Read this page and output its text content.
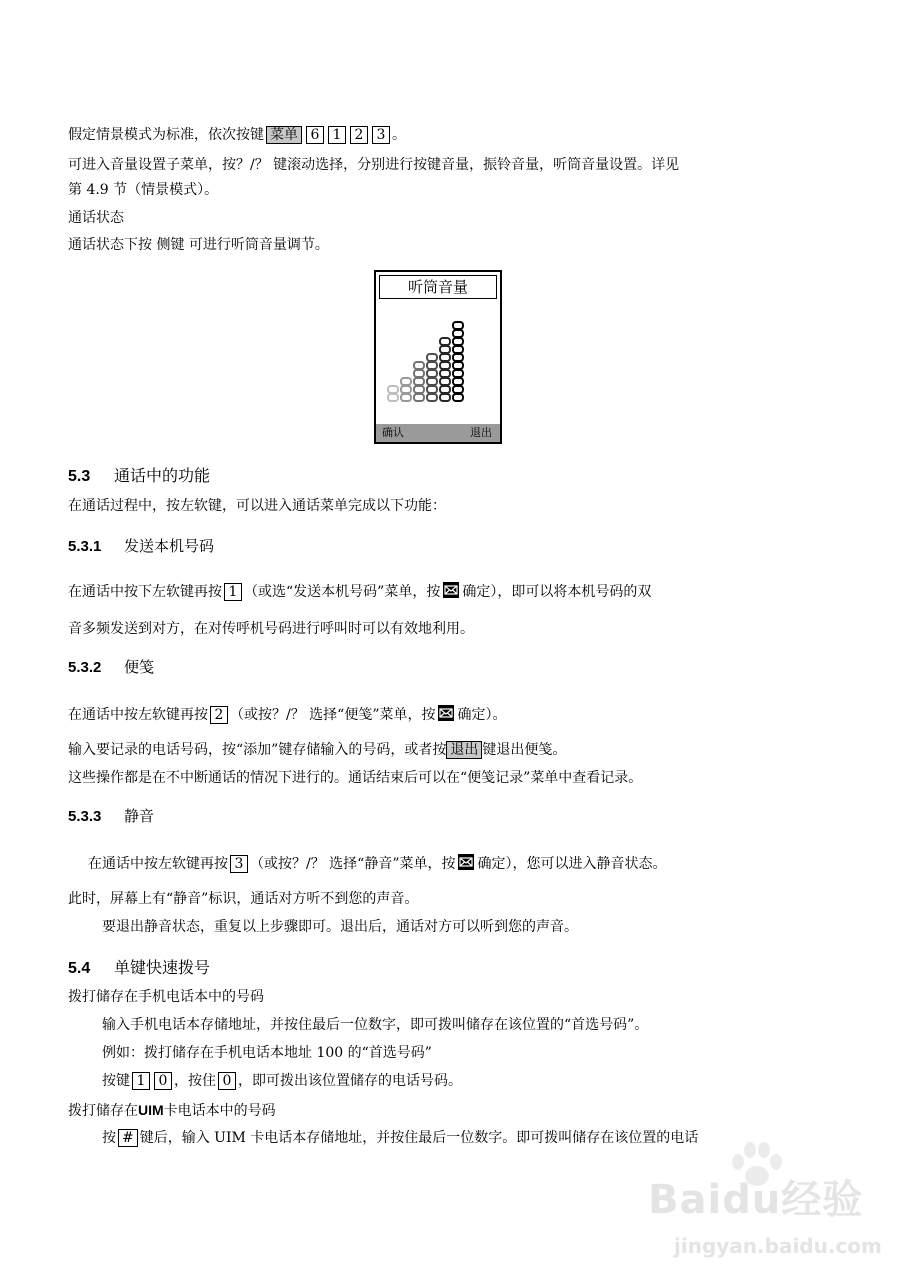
假定情景模式为标准，依次按键 菜单 6 1 2 3 。
可进入音量设置子菜单，按？/？ 键滚动选择，分别进行按键音量，振铃音量，听筒音量设置。详见
第 4.9 节（情景模式）。
通话状态
通话状态下按 侧键 可进行听筒音量调节。
听筒音量
确认	退出
5.3 通话中的功能
在通话过程中，按左软键，可以进入通话菜单完成以下功能：
5.3.1 发送本机号码
在通话中按下左软键再按 1 （或选“发送本机号码”菜单，按 确定），即可以将本机号码的双
音多频发送到对方，在对传呼机号码进行呼叫时可以有效地利用。
5.3.2 便笺
在通话中按左软键再按 2 （或按？/？ 选择“便笺”菜单，按 确定）。
输入要记录的电话号码，按“添加”键存储输入的号码，或者按 退出 键退出便笺。
这些操作都是在不中断通话的情况下进行的。通话结束后可以在“便笺记录”菜单中查看记录。
5.3.3 静音
在通话中按左软键再按 3 （或按？/？ 选择“静音”菜单，按 确定），您可以进入静音状态。
此时，屏幕上有“静音”标识，通话对方听不到您的声音。
要退出静音状态，重复以上步骤即可。退出后，通话对方可以听到您的声音。
5.4 单键快速拨号
拨打储存在手机电话本中的号码
输入手机电话本存储地址，并按住最后一位数字，即可拨叫储存在该位置的“首选号码”。
例如：拨打储存在手机电话本地址 100 的“首选号码”
按键 1 0 ，按住 0 ，即可拨出该位置储存的电话号码。
拨打储存在UIM卡电话本中的号码
按 # 键后，输入 UIM 卡电话本存储地址，并按住最后一位数字。即可拨叫储存在该位置的电话
Baidu经验
jingyan.baidu.com
